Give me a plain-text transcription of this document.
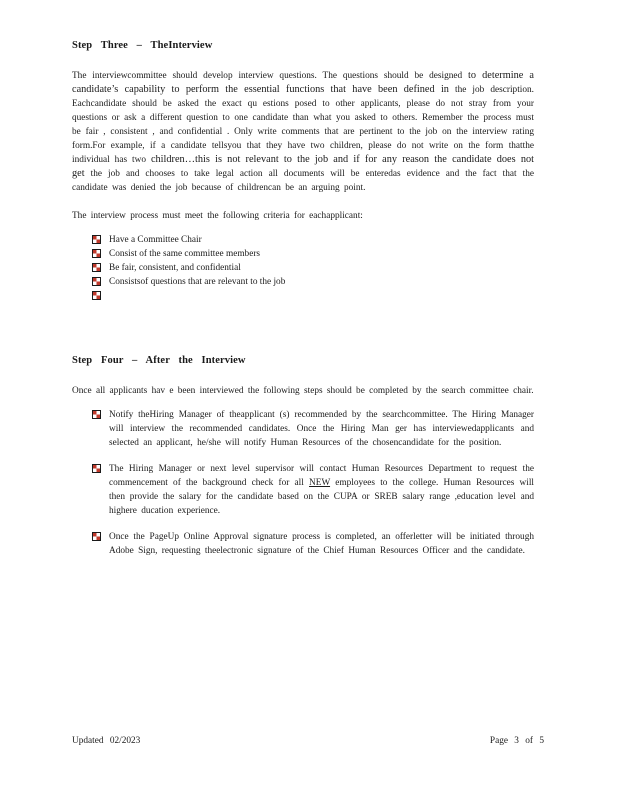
Step Three – TheInterview

The interviewcommittee should develop interview questions. The questions should be designed to determine a candidate’s capability to perform the essential functions that have been defined in the job description. Eachcandidate should be asked the exact qu estions posed to other applicants, please do not stray from your questions or ask a different question to one candidate than what you asked to others. Remember the process must be fair , consistent , and confidential . Only write comments that are pertinent to the job on the interview rating form.For example, if a candidate tellsyou that they have two children, please do not write on the form thatthe individual has two children…this is not relevant to the job and if for any reason the candidate does not get the job and chooses to take legal action all documents will be enteredas evidence and the fact that the candidate was denied the job because of childrencan be an arguing point.

The interview process must meet the following criteria for eachapplicant:

Have a Committee Chair
Consist of the same committee members
Be fair, consistent, and confidential
Consistsof questions that are relevant to the job

Step Four – After the Interview

Once all applicants hav e been interviewed the following steps should be completed by the search committee chair.

Notify theHiring Manager of theapplicant (s) recommended by the searchcommittee. The Hiring Manager will interview the recommended candidates. Once the Hiring Man ger has interviewedapplicants and selected an applicant, he/she will notify Human Resources of the chosencandidate for the position.
The Hiring Manager or next level supervisor will contact Human Resources Department to request the commencement of the background check for all NEW employees to the college. Human Resources will then provide the salary for the candidate based on the CUPA or SREB salary range ,education level and highere ducation experience.
Once the PageUp Online Approval signature process is completed, an offerletter will be initiated through Adobe Sign, requesting theelectronic signature of the Chief Human Resources Officer and the candidate.
Updated 02/2023	Page 3 of 5
